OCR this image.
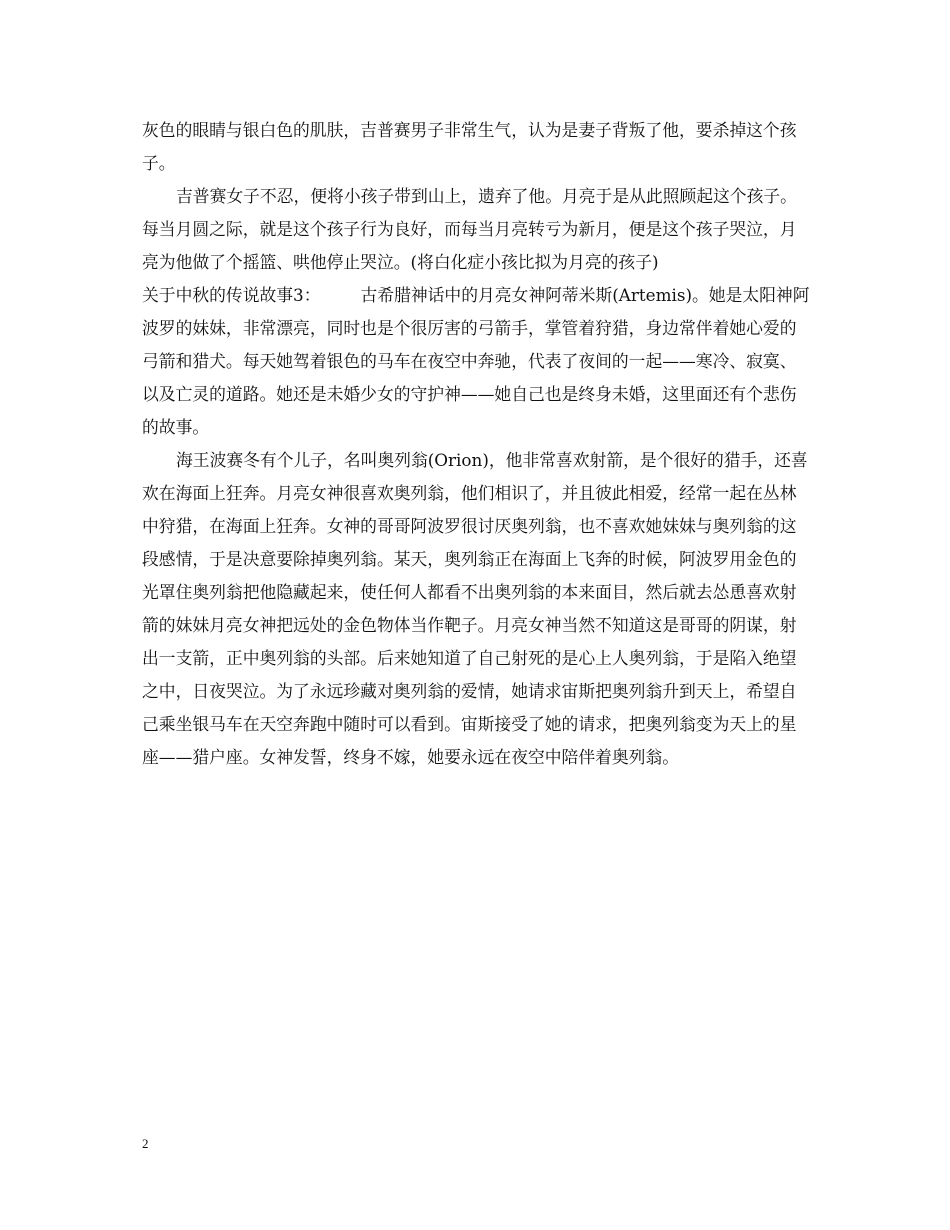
灰色的眼睛与银白色的肌肤，吉普赛男子非常生气，认为是妻子背叛了他，要杀掉这个孩子。

吉普赛女子不忍，便将小孩子带到山上，遗弃了他。月亮于是从此照顾起这个孩子。每当月圆之际，就是这个孩子行为良好，而每当月亮转亏为新月，便是这个孩子哭泣，月亮为他做了个摇篮、哄他停止哭泣。(将白化症小孩比拟为月亮的孩子)

关于中秋的传说故事3： 古希腊神话中的月亮女神阿蒂米斯(Artemis)。她是太阳神阿波罗的妹妹，非常漂亮，同时也是个很厉害的弓箭手，掌管着狩猎，身边常伴着她心爱的弓箭和猎犬。每天她驾着银色的马车在夜空中奔驰，代表了夜间的一起——寒冷、寂寞、以及亡灵的道路。她还是未婚少女的守护神——她自己也是终身未婚，这里面还有个悲伤的故事。

海王波赛冬有个儿子，名叫奥列翁(Orion)，他非常喜欢射箭，是个很好的猎手，还喜欢在海面上狂奔。月亮女神很喜欢奥列翁，他们相识了，并且彼此相爱，经常一起在丛林中狩猎，在海面上狂奔。女神的哥哥阿波罗很讨厌奥列翁，也不喜欢她妹妹与奥列翁的这段感情，于是决意要除掉奥列翁。某天，奥列翁正在海面上飞奔的时候，阿波罗用金色的光罩住奥列翁把他隐藏起来，使任何人都看不出奥列翁的本来面目，然后就去怂恿喜欢射箭的妹妹月亮女神把远处的金色物体当作靶子。月亮女神当然不知道这是哥哥的阴谋，射出一支箭，正中奥列翁的头部。后来她知道了自己射死的是心上人奥列翁，于是陷入绝望之中，日夜哭泣。为了永远珍藏对奥列翁的爱情，她请求宙斯把奥列翁升到天上，希望自己乘坐银马车在天空奔跑中随时可以看到。宙斯接受了她的请求，把奥列翁变为天上的星座——猎户座。女神发誓，终身不嫁，她要永远在夜空中陪伴着奥列翁。

2
